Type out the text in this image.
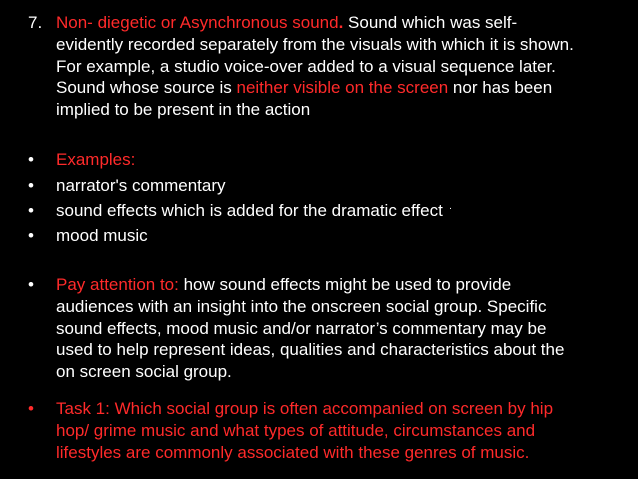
7. Non- diegetic or Asynchronous sound. Sound which was self-
evidently recorded separately from the visuals with which it is shown.
For example, a studio voice-over added to a visual sequence later.
Sound whose source is neither visible on the screen nor has been
implied to be present in the action
• Examples:
• narrator's commentary
• sound effects which is added for the dramatic effect ·
• mood music
• Pay attention to: how sound effects might be used to provide
audiences with an insight into the onscreen social group. Specific
sound effects, mood music and/or narrator’s commentary may be
used to help represent ideas, qualities and characteristics about the
on screen social group.
• Task 1: Which social group is often accompanied on screen by hip
hop/ grime music and what types of attitude, circumstances and
lifestyles are commonly associated with these genres of music.
